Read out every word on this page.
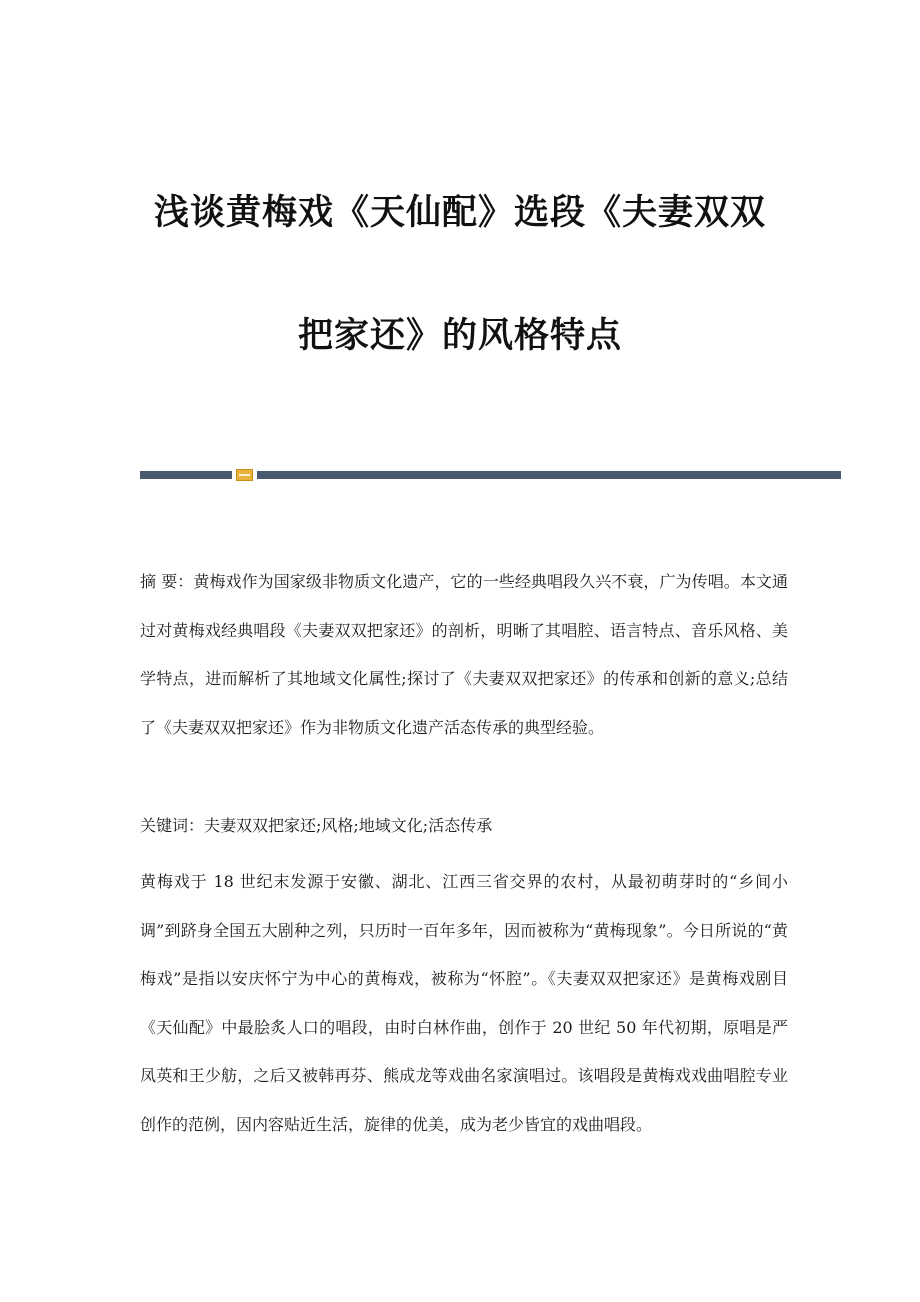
浅谈黄梅戏《天仙配》选段《夫妻双双
把家还》的风格特点

摘 要：黄梅戏作为国家级非物质文化遗产，它的一些经典唱段久兴不衰，广为传唱。本文通过对黄梅戏经典唱段《夫妻双双把家还》的剖析，明晰了其唱腔、语言特点、音乐风格、美学特点，进而解析了其地域文化属性;探讨了《夫妻双双把家还》的传承和创新的意义;总结了《夫妻双双把家还》作为非物质文化遗产活态传承的典型经验。

关键词：夫妻双双把家还;风格;地域文化;活态传承

黄梅戏于 18 世纪末发源于安徽、湖北、江西三省交界的农村，从最初萌芽时的“乡间小调”到跻身全国五大剧种之列，只历时一百年多年，因而被称为“黄梅现象”。今日所说的“黄梅戏”是指以安庆怀宁为中心的黄梅戏，被称为“怀腔”。《夫妻双双把家还》是黄梅戏剧目《天仙配》中最脍炙人口的唱段，由时白林作曲，创作于 20 世纪 50 年代初期，原唱是严凤英和王少舫，之后又被韩再芬、熊成龙等戏曲名家演唱过。该唱段是黄梅戏戏曲唱腔专业创作的范例，因内容贴近生活，旋律的优美，成为老少皆宜的戏曲唱段。
